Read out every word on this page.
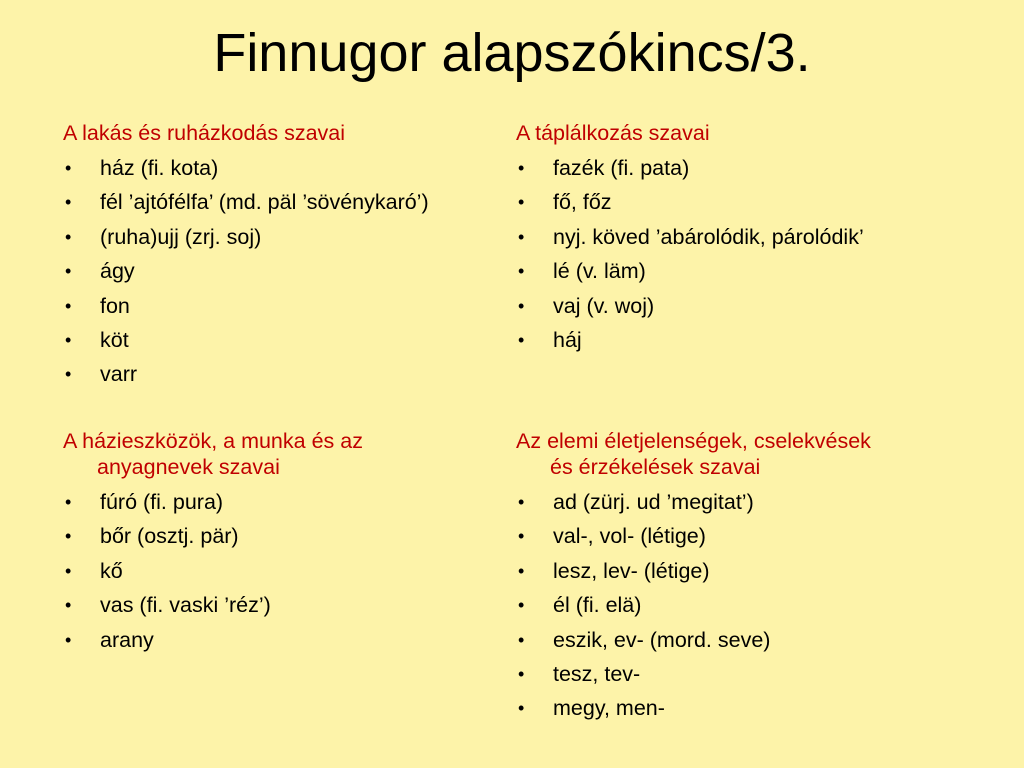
Finnugor alapszókincs/3.
A lakás és ruházkodás szavai
• ház (fi. kota)
• fél ’ajtófélfa’ (md. päl ’sövénykaró’)
• (ruha)ujj (zrj. soj)
• ágy
• fon
• köt
• varr
A házieszközök, a munka és az
anyagnevek szavai
• fúró (fi. pura)
• bőr (osztj. pär)
• kő
• vas (fi. vaski ’réz’)
• arany
A táplálkozás szavai
• fazék (fi. pata)
• fő, főz
• nyj. köved ’abárolódik, párolódik’
• lé (v. läm)
• vaj (v. woj)
• háj
Az elemi életjelenségek, cselekvések
és érzékelések szavai
• ad (zürj. ud ’megitat’)
• val-, vol- (létige)
• lesz, lev- (létige)
• él (fi. elä)
• eszik, ev- (mord. seve)
• tesz, tev-
• megy, men-
